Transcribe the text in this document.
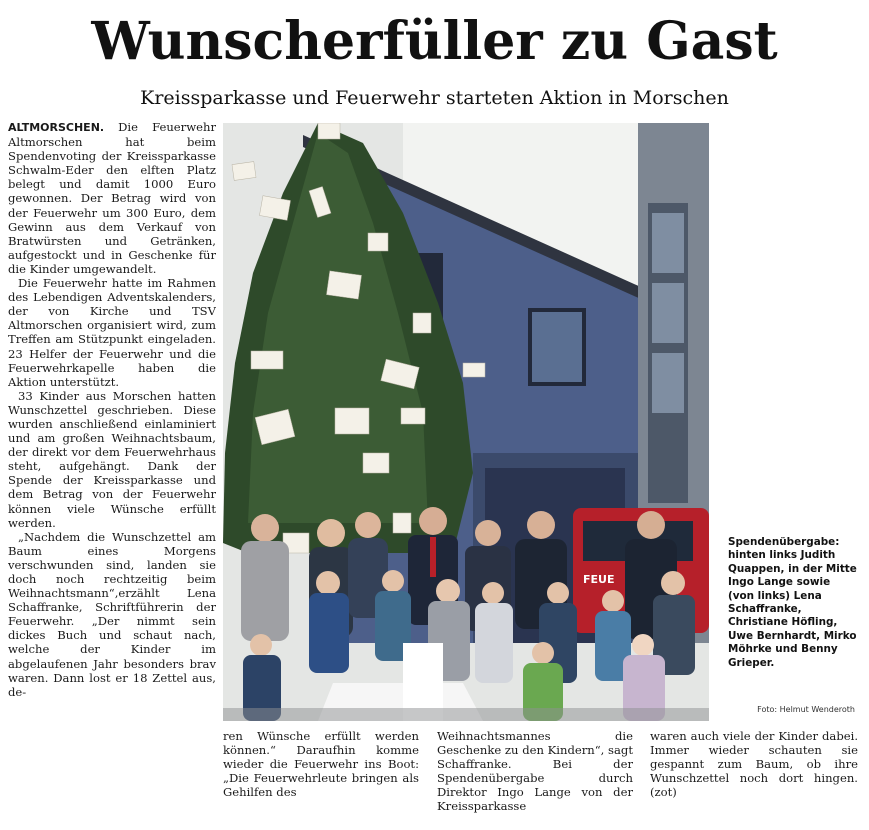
Wunscherfüller zu Gast
Kreissparkasse und Feuerwehr starteten Aktion in Morschen

ALTMORSCHEN. Die Feuerwehr Altmorschen hat beim Spendenvoting der Kreissparkasse Schwalm-Eder den elften Platz belegt und damit 1000 Euro gewonnen. Der Betrag wird von der Feuerwehr um 300 Euro, dem Gewinn aus dem Verkauf von Bratwürsten und Getränken, aufgestockt und in Geschenke für die Kinder umgewandelt.

Die Feuerwehr hatte im Rahmen des Lebendigen Adventskalenders, der von Kirche und TSV Altmorschen organisiert wird, zum Treffen am Stützpunkt eingeladen. 23 Helfer der Feuerwehr und die Feuerwehrkapelle haben die Aktion unterstützt.

33 Kinder aus Morschen hatten Wunschzettel geschrieben. Diese wurden anschließend einlaminiert und am großen Weihnachtsbaum, der direkt vor dem Feuerwehrhaus steht, aufgehängt. Dank der Spende der Kreissparkasse und dem Betrag von der Feuerwehr können viele Wünsche erfüllt werden.

„Nachdem die Wunschzettel am Baum eines Morgens verschwunden sind, landen sie doch noch rechtzeitig beim Weihnachtsmann“,erzählt Lena Schaffranke, Schriftführerin der Feuerwehr. „Der nimmt sein dickes Buch und schaut nach, welche der Kinder im abgelaufenen Jahr besonders brav waren. Dann lost er 18 Zettel aus, de-

FEUE
Spendenübergabe: hinten links Judith Quappen, in der Mitte Ingo Lange sowie (von links) Lena Schaffranke, Christiane Höfling, Uwe Bernhardt, Mirko Möhrke und Benny Grieper.
Foto: Helmut Wenderoth

ren Wünsche erfüllt werden können.“ Daraufhin komme wieder die Feuerwehr ins Boot: „Die Feuerwehrleute bringen als Gehilfen des

Weihnachtsmannes die Geschenke zu den Kindern“, sagt Schaffranke. Bei der Spendenübergabe durch Direktor Ingo Lange von der Kreissparkasse

waren auch viele der Kinder dabei. Immer wieder schauten sie gespannt zum Baum, ob ihre Wunschzettel noch dort hingen. (zot)
